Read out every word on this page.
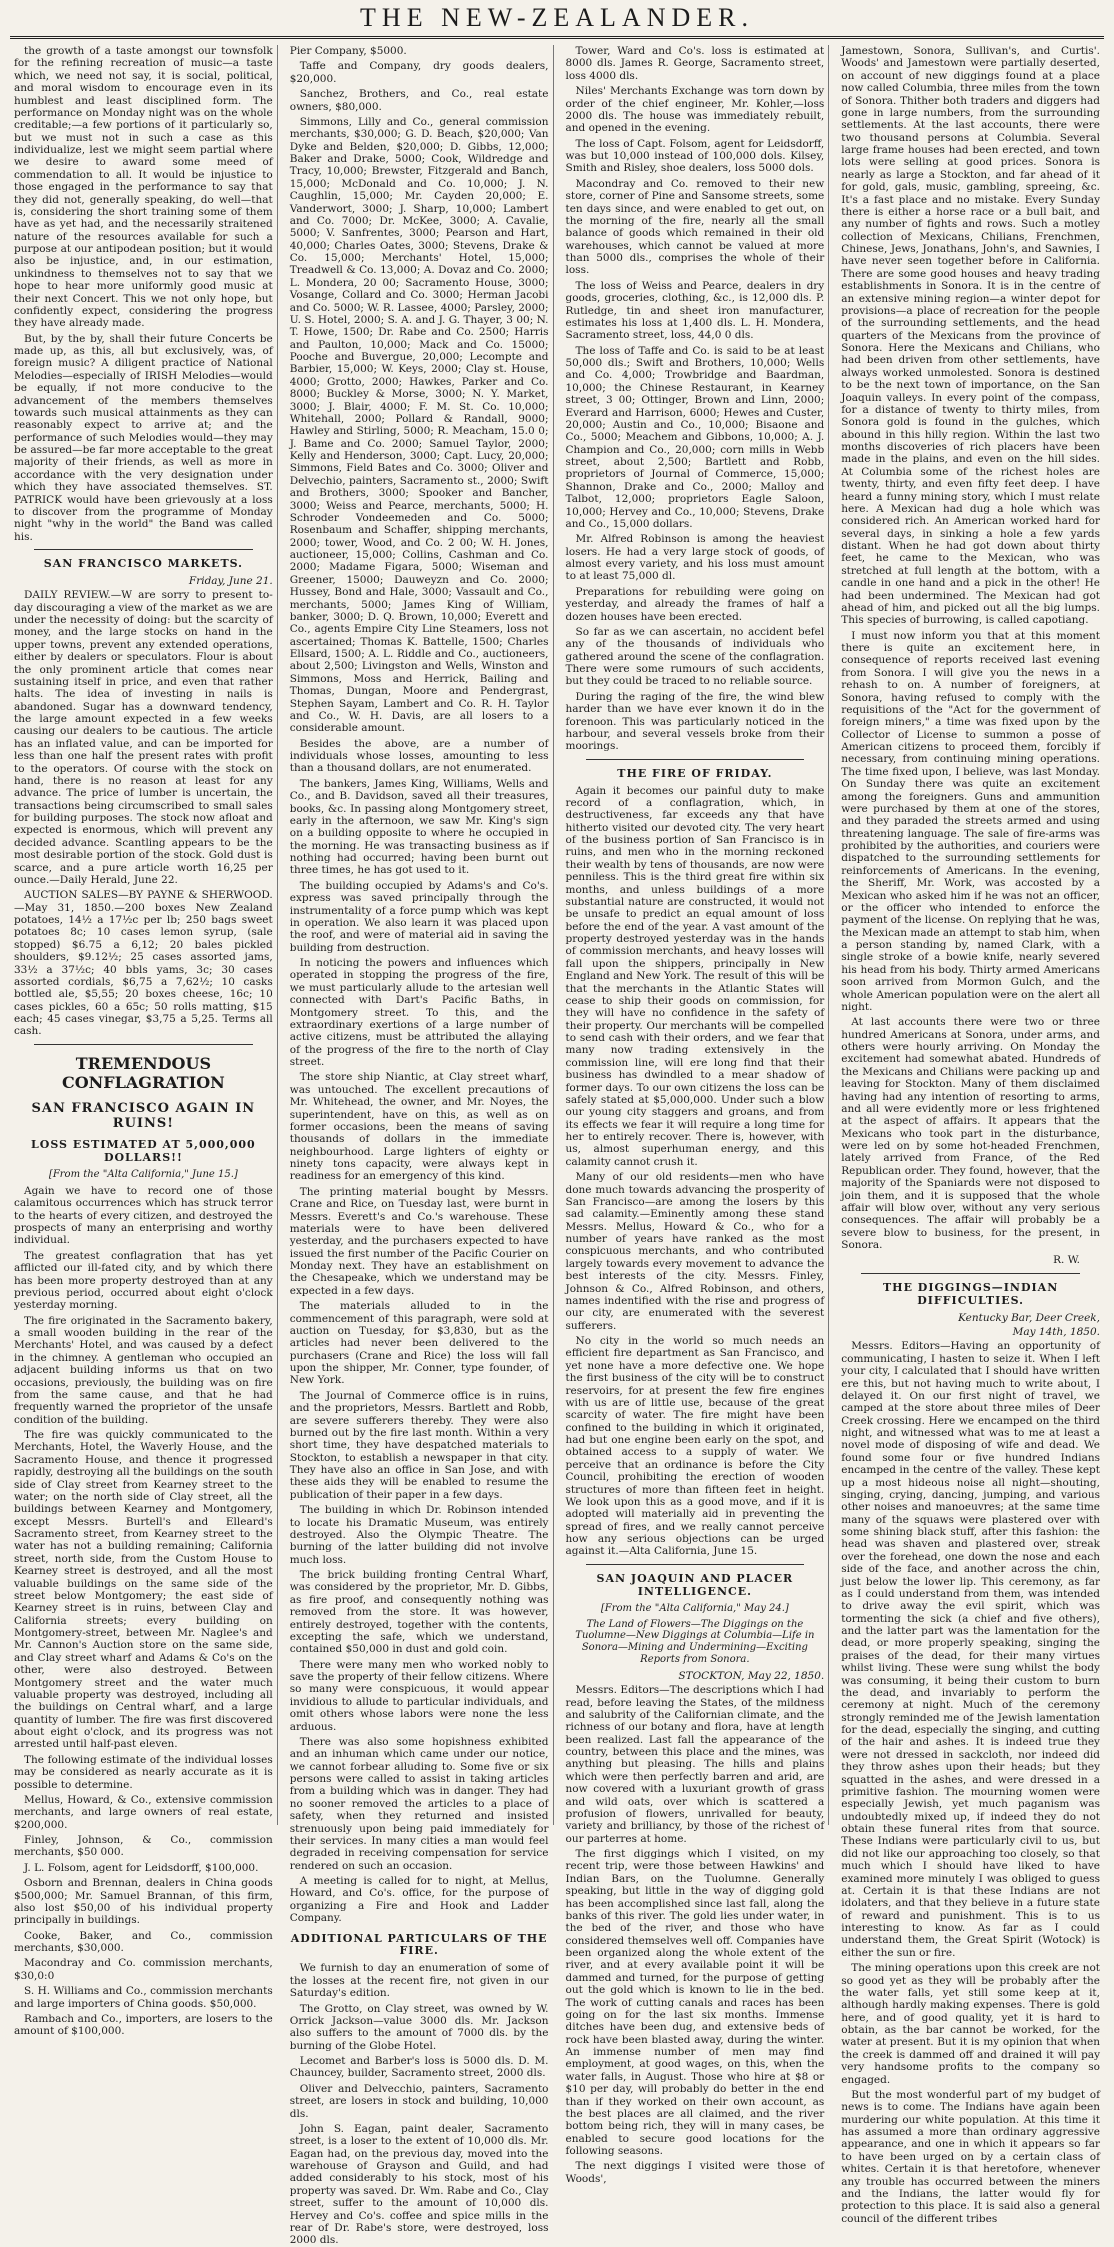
THE NEW-ZEALANDER.

the growth of a taste amongst our townsfolk for the refining recreation of music—a taste which, we need not say, it is social, political, and moral wisdom to encourage even in its humblest and least disciplined form. The performance on Monday night was on the whole creditable;—a few portions of it particularly so, but we must not in such a case as this individualize, lest we might seem partial where we desire to award some meed of commendation to all. It would be injustice to those engaged in the performance to say that they did not, generally speaking, do well—that is, considering the short training some of them have as yet had, and the necessarily straitened nature of the resources available for such a purpose at our antipodean position; but it would also be injustice, and, in our estimation, unkindness to themselves not to say that we hope to hear more uniformly good music at their next Concert. This we not only hope, but confidently expect, considering the progress they have already made.

But, by the by, shall their future Concerts be made up, as this, all but exclusively, was, of foreign music? A diligent practice of National Melodies—especially of IRISH Melodies—would be equally, if not more conducive to the advancement of the members themselves towards such musical attainments as they can reasonably expect to arrive at; and the performance of such Melodies would—they may be assured—be far more acceptable to the great majority of their friends, as well as more in accordance with the very designation under which they have associated themselves. ST. PATRICK would have been grievously at a loss to discover from the programme of Monday night "why in the world" the Band was called his.

SAN FRANCISCO MARKETS.
Friday, June 21.

DAILY REVIEW.—W are sorry to present to-day discouraging a view of the market as we are under the necessity of doing: but the scarcity of money, and the large stocks on hand in the upper towns, prevent any extended operations, either by dealers or speculators. Flour is about the only prominent article that comes near sustaining itself in price, and even that rather halts. The idea of investing in nails is abandoned. Sugar has a downward tendency, the large amount expected in a few weeks causing our dealers to be cautious. The article has an inflated value, and can be imported for less than one half the present rates with profit to the operators. Of course with the stock on hand, there is no reason at least for any advance. The price of lumber is uncertain, the transactions being circumscribed to small sales for building purposes. The stock now afloat and expected is enormous, which will prevent any decided advance. Scantling appears to be the most desirable portion of the stock. Gold dust is scarce, and a pure article worth 16,25 per ounce.—Daily Herald, June 22.

AUCTION SALES—BY PAYNE & SHERWOOD.—May 31, 1850.—200 boxes New Zealand potatoes, 14½ a 17½c per lb; 250 bags sweet potatoes 8c; 10 cases lemon syrup, (sale stopped) $6.75 a 6,12; 20 bales pickled shoulders, $9.12½; 25 cases assorted jams, 33½ a 37½c; 40 bbls yams, 3c; 30 cases assorted cordials, $6,75 a 7,62½; 10 casks bottled ale, $5,55; 20 boxes cheese, 16c; 10 cases pickles, 60 a 65c; 50 rolls matting, $15 each; 45 cases vinegar, $3,75 a 5,25. Terms all cash.

TREMENDOUS CONFLAGRATION
SAN FRANCISCO AGAIN IN RUINS!
LOSS ESTIMATED AT 5,000,000 DOLLARS!!
[From the "Alta California," June 15.]

Again we have to record one of those calamitous occurrences which has struck terror to the hearts of every citizen, and destroyed the prospects of many an enterprising and worthy individual.

The greatest conflagration that has yet afflicted our ill-fated city, and by which there has been more property destroyed than at any previous period, occurred about eight o'clock yesterday morning.

The fire originated in the Sacramento bakery, a small wooden building in the rear of the Merchants' Hotel, and was caused by a defect in the chimney. A gentleman who occupied an adjacent building informs us that on two occasions, previously, the building was on fire from the same cause, and that he had frequently warned the proprietor of the unsafe condition of the building.

The fire was quickly communicated to the Merchants, Hotel, the Waverly House, and the Sacramento House, and thence it progressed rapidly, destroying all the buildings on the south side of Clay street from Kearney street to the water; on the north side of Clay street, all the buildings between Kearney and Montgomery, except Messrs. Burtell's and Elleard's Sacramento street, from Kearney street to the water has not a building remaining; California street, north side, from the Custom House to Kearney street is destroyed, and all the most valuable buildings on the same side of the street below Montgomery; the east side of Kearney street is in ruins, between Clay and California streets; every building on Montgomery-street, between Mr. Naglee's and Mr. Cannon's Auction store on the same side, and Clay street wharf and Adams & Co's on the other, were also destroyed. Between Montgomery street and the water much valuable property was destroyed, including all the buildings on Central wharf, and a large quantity of lumber. The fire was first discovered about eight o'clock, and its progress was not arrested until half-past eleven.

The following estimate of the individual losses may be considered as nearly accurate as it is possible to determine.

Mellus, Howard, & Co., extensive commission merchants, and large owners of real estate, $200,000.

Finley, Johnson, & Co., commission merchants, $50 000.

J. L. Folsom, agent for Leidsdorff, $100,000.

Osborn and Brennan, dealers in China goods $500,000; Mr. Samuel Brannan, of this firm, also lost $50,00 of his individual property principally in buildings.

Cooke, Baker, and Co., commission merchants, $30,000.

Macondray and Co. commission merchants, $30,0:0

S. H. Williams and Co., commission merchants and large importers of China goods. $50,000.

Rambach and Co., importers, are losers to the amount of $100,000.

Pier Company, $5000.

Taffe and Company, dry goods dealers, $20,000.

Sanchez, Brothers, and Co., real estate owners, $80,000.

Simmons, Lilly and Co., general commission merchants, $30,000; G. D. Beach, $20,000; Van Dyke and Belden, $20,000; D. Gibbs, 12,000; Baker and Drake, 5000; Cook, Wildredge and Tracy, 10,000; Brewster, Fitzgerald and Banch, 15,000; McDonald and Co. 10,000; J. N. Caughlin, 15,000; Mr. Cayden 20,000; E. Vanderwort, 3000; J. Sharp, 10,000; Lambert and Co. 7000; Dr. McKee, 3000; A. Cavalie, 5000; V. Sanfrentes, 3000; Pearson and Hart, 40,000; Charles Oates, 3000; Stevens, Drake & Co. 15,000; Merchants' Hotel, 15,000; Treadwell & Co. 13,000; A. Dovaz and Co. 2000; L. Mondera, 20 00; Sacramento House, 3000; Vosange, Collard and Co. 3000; Herman Jacobi and Co. 5000; W. R. Lassee, 4000; Parsley, 2000; U. S. Hotel, 2000; S. A. and J. G. Thayer, 3 00; N. T. Howe, 1500; Dr. Rabe and Co. 2500; Harris and Paulton, 10,000; Mack and Co. 15000; Pooche and Buvergue, 20,000; Lecompte and Barbier, 15,000; W. Keys, 2000; Clay st. House, 4000; Grotto, 2000; Hawkes, Parker and Co. 8000; Buckley & Morse, 3000; N. Y. Market, 3000; J. Blair, 4000; F. M. St. Co. 10,000; Whitehall, 2000; Pollard & Randall, 9000; Hawley and Stirling, 5000; R. Meacham, 15.0 0; J. Bame and Co. 2000; Samuel Taylor, 2000; Kelly and Henderson, 3000; Capt. Lucy, 20,000; Simmons, Field Bates and Co. 3000; Oliver and Delvechio, painters, Sacramento st., 2000; Swift and Brothers, 3000; Spooker and Bancher, 3000; Weiss and Pearce, merchants, 5000; H. Schroder Vondeemeden and Co. 5000; Rosenbaum and Schaffer, shipping merchants, 2000; tower, Wood, and Co. 2 00; W. H. Jones, auctioneer, 15,000; Collins, Cashman and Co. 2000; Madame Figara, 5000; Wiseman and Greener, 15000; Dauweyzn and Co. 2000; Hussey, Bond and Hale, 3000; Vassault and Co., merchants, 5000; James King of William, banker, 3000; D. Q. Brown, 10,000; Everett and Co., agents Empire City Line Steamers, loss not ascertained; Thomas K. Battelle, 1500; Charles Ellsard, 1500; A. L. Riddle and Co., auctioneers, about 2,500; Livingston and Wells, Winston and Simmons, Moss and Herrick, Bailing and Thomas, Dungan, Moore and Pendergrast, Stephen Sayam, Lambert and Co. R. H. Taylor and Co., W. H. Davis, are all losers to a considerable amount.

Besides the above, are a number of individuals whose losses, amounting to less than a thousand dollars, are not enumerated.

The bankers, James King, Williams, Wells and Co., and B. Davidson, saved all their treasures, books, &c. In passing along Montgomery street, early in the afternoon, we saw Mr. King's sign on a building opposite to where he occupied in the morning. He was transacting business as if nothing had occurred; having been burnt out three times, he has got used to it.

The building occupied by Adams's and Co's. express was saved principally through the instrumentality of a force pump which was kept in operation. We also learn it was placed upon the roof, and were of material aid in saving the building from destruction.

In noticing the powers and influences which operated in stopping the progress of the fire, we must particularly allude to the artesian well connected with Dart's Pacific Baths, in Montgomery street. To this, and the extraordinary exertions of a large number of active citizens, must be attributed the allaying of the progress of the fire to the north of Clay street.

The store ship Niantic, at Clay street wharf, was untouched. The excellent precautions of Mr. Whitehead, the owner, and Mr. Noyes, the superintendent, have on this, as well as on former occasions, been the means of saving thousands of dollars in the immediate neighbourhood. Large lighters of eighty or ninety tons capacity, were always kept in readiness for an emergency of this kind.

The printing material bought by Messrs. Crane and Rice, on Tuesday last, were burnt in Messrs. Everett's and Co.'s warehouse. These materials were to have been delivered yesterday, and the purchasers expected to have issued the first number of the Pacific Courier on Monday next. They have an establishment on the Chesapeake, which we understand may be expected in a few days.

The materials alluded to in the commencement of this paragraph, were sold at auction on Tuesday, for $3,830, but as the articles had never been delivered to the purchasers (Crane and Rice) the loss will fall upon the shipper, Mr. Conner, type founder, of New York.

The Journal of Commerce office is in ruins, and the proprietors, Messrs. Bartlett and Robb, are severe sufferers thereby. They were also burned out by the fire last month. Within a very short time, they have despatched materials to Stockton, to establish a newspaper in that city. They have also an office in San Jose, and with these aids they will be enabled to resume the publication of their paper in a few days.

The building in which Dr. Robinson intended to locate his Dramatic Museum, was entirely destroyed. Also the Olympic Theatre. The burning of the latter building did not involve much loss.

The brick building fronting Central Wharf, was considered by the proprietor, Mr. D. Gibbs, as fire proof, and consequently nothing was removed from the store. It was however, entirely destroyed, together with the contents, excepting the safe, which we understand, contained $50,000 in dust and gold coin.

There were many men who worked nobly to save the property of their fellow citizens. Where so many were conspicuous, it would appear invidious to allude to particular individuals, and omit others whose labors were none the less arduous.

There was also some hopishness exhibited and an inhuman which came under our notice, we cannot forbear alluding to. Some five or six persons were called to assist in taking articles from a building which was in danger. They had no sooner removed the articles to a place of safety, when they returned and insisted strenuously upon being paid immediately for their services. In many cities a man would feel degraded in receiving compensation for service rendered on such an occasion.

A meeting is called for to night, at Mellus, Howard, and Co's. office, for the purpose of organizing a Fire and Hook and Ladder Company.

ADDITIONAL PARTICULARS OF THE FIRE.

We furnish to day an enumeration of some of the losses at the recent fire, not given in our Saturday's edition.

The Grotto, on Clay street, was owned by W. Orrick Jackson—value 3000 dls. Mr. Jackson also suffers to the amount of 7000 dls. by the burning of the Globe Hotel.

Lecomet and Barber's loss is 5000 dls. D. M. Chauncey, builder, Sacramento street, 2000 dls.

Oliver and Delvecchio, painters, Sacramento street, are losers in stock and building, 10,000 dls.

John S. Eagan, paint dealer, Sacramento street, is a loser to the extent of 10,000 dls. Mr. Eagan had, on the previous day, moved into the warehouse of Grayson and Guild, and had added considerably to his stock, most of his property was saved. Dr. Wm. Rabe and Co., Clay street, suffer to the amount of 10,000 dls. Hervey and Co's. coffee and spice mills in the rear of Dr. Rabe's store, were destroyed, loss 2000 dls.

Tower, Ward and Co's. loss is estimated at 8000 dls. James R. George, Sacramento street, loss 4000 dls.

Niles' Merchants Exchange was torn down by order of the chief engineer, Mr. Kohler,—loss 2000 dls. The house was immediately rebuilt, and opened in the evening.

The loss of Capt. Folsom, agent for Leidsdorff, was but 10,000 instead of 100,000 dols. Kilsey, Smith and Risley, shoe dealers, loss 5000 dols.

Macondray and Co. removed to their new store, corner of Pine and Sansome streets, some ten days since, and were enabled to get out, on the morning of the fire, nearly all the small balance of goods which remained in their old warehouses, which cannot be valued at more than 5000 dls., comprises the whole of their loss.

The loss of Weiss and Pearce, dealers in dry goods, groceries, clothing, &c., is 12,000 dls. P. Rutledge, tin and sheet iron manufacturer, estimates his loss at 1,400 dls. L. H. Mondera, Sacramento street, loss, 44,0 0 dls.

The loss of Taffe and Co. is said to be at least 50,000 dls.; Swift and Brothers, 10,000; Wells and Co. 4,000; Trowbridge and Baardman, 10,000; the Chinese Restaurant, in Kearney street, 3 00; Ottinger, Brown and Linn, 2000; Everard and Harrison, 6000; Hewes and Custer, 20,000; Austin and Co., 10,000; Bisaone and Co., 5000; Meachem and Gibbons, 10,000; A. J. Champion and Co., 20,000; corn mills in Webb street, about 2,500; Bartlett and Robb, proprietors of Journal of Commerce, 15,000; Shannon, Drake and Co., 2000; Malloy and Talbot, 12,000; proprietors Eagle Saloon, 10,000; Hervey and Co., 10,000; Stevens, Drake and Co., 15,000 dollars.

Mr. Alfred Robinson is among the heaviest losers. He had a very large stock of goods, of almost every variety, and his loss must amount to at least 75,000 dl.

Preparations for rebuilding were going on yesterday, and already the frames of half a dozen houses have been erected.

So far as we can ascertain, no accident befel any of the thousands of individuals who gathered around the scene of the conflagration. There were some rumours of such accidents, but they could be traced to no reliable source.

During the raging of the fire, the wind blew harder than we have ever known it do in the forenoon. This was particularly noticed in the harbour, and several vessels broke from their moorings.

THE FIRE OF FRIDAY.

Again it becomes our painful duty to make record of a conflagration, which, in destructiveness, far exceeds any that have hitherto visited our devoted city. The very heart of the business portion of San Francisco is in ruins, and men who in the morning reckoned their wealth by tens of thousands, are now were penniless. This is the third great fire within six months, and unless buildings of a more substantial nature are constructed, it would not be unsafe to predict an equal amount of loss before the end of the year. A vast amount of the property destroyed yesterday was in the hands of commission merchants, and heavy losses will fall upon the shippers, principally in New England and New York. The result of this will be that the merchants in the Atlantic States will cease to ship their goods on commission, for they will have no confidence in the safety of their property. Our merchants will be compelled to send cash with their orders, and we fear that many now trading extensively in the commission line, will ere long find that their business has dwindled to a mear shadow of former days. To our own citizens the loss can be safely stated at $5,000,000. Under such a blow our young city staggers and groans, and from its effects we fear it will require a long time for her to entirely recover. There is, however, with us, almost superhuman energy, and this calamity cannot crush it.

Many of our old residents—men who have done much towards advancing the prosperity of San Francisco—are among the losers by this sad calamity.—Eminently among these stand Messrs. Mellus, Howard & Co., who for a number of years have ranked as the most conspicuous merchants, and who contributed largely towards every movement to advance the best interests of the city. Messrs. Finley, Johnson & Co., Alfred Robinson, and others, names indentified with the rise and progress of our city, are enumerated with the severest sufferers.

No city in the world so much needs an efficient fire department as San Francisco, and yet none have a more defective one. We hope the first business of the city will be to construct reservoirs, for at present the few fire engines with us are of little use, because of the great scarcity of water. The fire might have been confined to the building in which it originated, had but one engine been early on the spot, and obtained access to a supply of water. We perceive that an ordinance is before the City Council, prohibiting the erection of wooden structures of more than fifteen feet in height. We look upon this as a good move, and if it is adopted will materially aid in preventing the spread of fires, and we really cannot perceive how any serious objections can be urged against it.—Alta California, June 15.

SAN JOAQUIN AND PLACER INTELLIGENCE.
[From the "Alta California," May 24.]
The Land of Flowers—The Diggings on the Tuolumne—New Diggings at Columbia—Life in Sonora—Mining and Undermining—Exciting Reports from Sonora.
STOCKTON, May 22, 1850.

Messrs. Editors—The descriptions which I had read, before leaving the States, of the mildness and salubrity of the Californian climate, and the richness of our botany and flora, have at length been realized. Last fall the appearance of the country, between this place and the mines, was anything but pleasing. The hills and plains which were then perfectly barren and arid, are now covered with a luxuriant growth of grass and wild oats, over which is scattered a profusion of flowers, unrivalled for beauty, variety and brilliancy, by those of the richest of our parterres at home.

The first diggings which I visited, on my recent trip, were those between Hawkins' and Indian Bars, on the Tuolumne. Generally speaking, but little in the way of digging gold has been accomplished since last fall, along the banks of this river. The gold lies under water, in the bed of the river, and those who have considered themselves well off. Companies have been organized along the whole extent of the river, and at every available point it will be dammed and turned, for the purpose of getting out the gold which is known to lie in the bed. The work of cutting canals and races has been going on for the last six months. Immense ditches have been dug, and extensive beds of rock have been blasted away, during the winter. An immense number of men may find employment, at good wages, on this, when the water falls, in August. Those who hire at $8 or $10 per day, will probably do better in the end than if they worked on their own account, as the best places are all claimed, and the river bottom being rich, they will in many cases, be enabled to secure good locations for the following seasons.

The next diggings I visited were those of Woods',

Jamestown, Sonora, Sullivan's, and Curtis'. Woods' and Jamestown were partially deserted, on account of new diggings found at a place now called Columbia, three miles from the town of Sonora. Thither both traders and diggers had gone in large numbers, from the surrounding settlements. At the last accounts, there were two thousand persons at Columbia. Several large frame houses had been erected, and town lots were selling at good prices. Sonora is nearly as large a Stockton, and far ahead of it for gold, gals, music, gambling, spreeing, &c. It's a fast place and no mistake. Every Sunday there is either a horse race or a bull bait, and any number of fights and rows. Such a motley collection of Mexicans, Chilians, Frenchmen, Chinese, Jews, Jonathans, John's, and Sawnies, I have never seen together before in California. There are some good houses and heavy trading establishments in Sonora. It is in the centre of an extensive mining region—a winter depot for provisions—a place of recreation for the people of the surrounding settlements, and the head quarters of the Mexicans from the province of Sonora. Here the Mexicans and Chilians, who had been driven from other settlements, have always worked unmolested. Sonora is destined to be the next town of importance, on the San Joaquin valleys. In every point of the compass, for a distance of twenty to thirty miles, from Sonora gold is found in the gulches, which abound in this hilly region. Within the last two months discoveries of rich placers have been made in the plains, and even on the hill sides. At Columbia some of the richest holes are twenty, thirty, and even fifty feet deep. I have heard a funny mining story, which I must relate here. A Mexican had dug a hole which was considered rich. An American worked hard for several days, in sinking a hole a few yards distant. When he had got down about thirty feet, he came to the Mexican, who was stretched at full length at the bottom, with a candle in one hand and a pick in the other! He had been undermined. The Mexican had got ahead of him, and picked out all the big lumps. This species of burrowing, is called capotiang.

I must now inform you that at this moment there is quite an excitement here, in consequence of reports received last evening from Sonora. I will give you the news in a rehash to on. A number of foreigners, at Sonora, having refused to comply with the requisitions of the "Act for the government of foreign miners," a time was fixed upon by the Collector of License to summon a posse of American citizens to proceed them, forcibly if necessary, from continuing mining operations. The time fixed upon, I believe, was last Monday. On Sunday there was quite an excitement among the foreigners. Guns and ammunition were purchased by them at one of the stores, and they paraded the streets armed and using threatening language. The sale of fire-arms was prohibited by the authorities, and couriers were dispatched to the surrounding settlements for reinforcements of Americans. In the evening, the Sheriff, Mr. Work, was accosted by a Mexican who asked him if he was not an officer, or the officer who intended to enforce the payment of the license. On replying that he was, the Mexican made an attempt to stab him, when a person standing by, named Clark, with a single stroke of a bowie knife, nearly severed his head from his body. Thirty armed Americans soon arrived from Mormon Gulch, and the whole American population were on the alert all night.

At last accounts there were two or three hundred Americans at Sonora, under arms, and others were hourly arriving. On Monday the excitement had somewhat abated. Hundreds of the Mexicans and Chilians were packing up and leaving for Stockton. Many of them disclaimed having had any intention of resorting to arms, and all were evidently more or less frightened at the aspect of affairs. It appears that the Mexicans who took part in the disturbance, were led on by some hot-headed Frenchmen, lately arrived from France, of the Red Republican order. They found, however, that the majority of the Spaniards were not disposed to join them, and it is supposed that the whole affair will blow over, without any very serious consequences. The affair will probably be a severe blow to business, for the present, in Sonora.

R. W.
THE DIGGINGS—INDIAN DIFFICULTIES.
Kentucky Bar, Deer Creek,
May 14th, 1850.

Messrs. Editors—Having an opportunity of communicating, I hasten to seize it. When I left your city, I calculated that I should have written ere this, but not having much to write about, I delayed it. On our first night of travel, we camped at the store about three miles of Deer Creek crossing. Here we encamped on the third night, and witnessed what was to me at least a novel mode of disposing of wife and dead. We found some four or five hundred Indians encamped in the centre of the valley. These kept up a most hideous noise all night—shouting, singing, crying, dancing, jumping, and various other noises and manoeuvres; at the same time many of the squaws were plastered over with some shining black stuff, after this fashion: the head was shaven and plastered over, streak over the forehead, one down the nose and each side of the face, and another across the chin, just below the lower lip. This ceremony, as far as I could understand from them, was intended to drive away the evil spirit, which was tormenting the sick (a chief and five others), and the latter part was the lamentation for the dead, or more properly speaking, singing the praises of the dead, for their many virtues whilst living. These were sung whilst the body was consuming, it being their custom to burn the dead, and invariably to perform the ceremony at night. Much of the ceremony strongly reminded me of the Jewish lamentation for the dead, especially the singing, and cutting of the hair and ashes. It is indeed true they were not dressed in sackcloth, nor indeed did they throw ashes upon their heads; but they squatted in the ashes, and were dressed in a primitive fashion. The mourning women were especially Jewish, yet much paganism was undoubtedly mixed up, if indeed they do not obtain these funeral rites from that source. These Indians were particularly civil to us, but did not like our approaching too closely, so that much which I should have liked to have examined more minutely I was obliged to guess at. Certain it is that these Indians are not idolaters, and that they believe in a future state of reward and punishment. This is to us interesting to know. As far as I could understand them, the Great Spirit (Wotock) is either the sun or fire.

The mining operations upon this creek are not so good yet as they will be probably after the the water falls, yet still some keep at it, although hardly making expenses. There is gold here, and of good quality, yet it is hard to obtain, as the bar cannot be worked, for the water at present. But it is my opinion that when the creek is dammed off and drained it will pay very handsome profits to the company so engaged.

But the most wonderful part of my budget of news is to come. The Indians have again been murdering our white population. At this time it has assumed a more than ordinary aggressive appearance, and one in which it appears so far to have been urged on by a certain class of whites. Certain it is that heretofore, whenever any trouble has occurred between the miners and the Indians, the latter would fly for protection to this place. It is said also a general council of the different tribes
